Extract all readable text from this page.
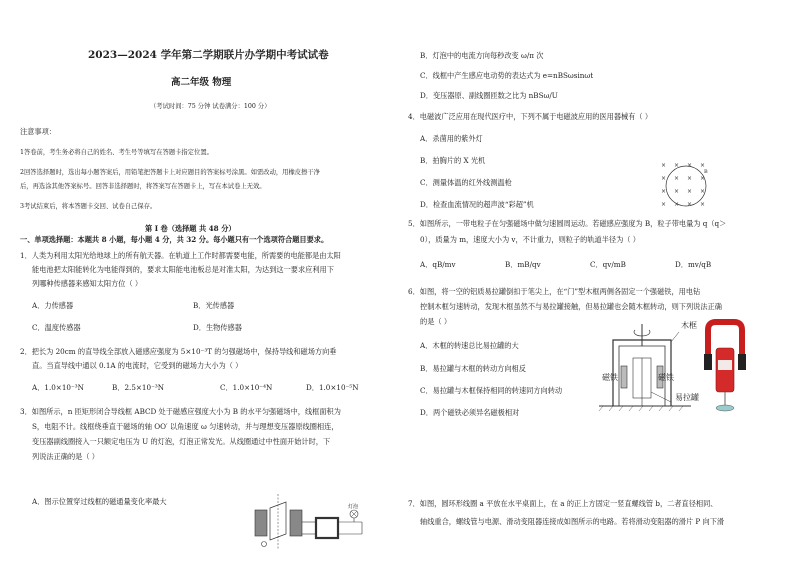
2023—2024 学年第二学期联片办学期中考试试卷
高二年级 物理
（考试时间：75 分钟 试卷满分：100 分）
注意事项：
1答卷前，考生务必将自己的姓名、考生号等填写在答题卡指定位置。
2回答选择题时，选出每小题答案后，用铅笔把答题卡上对应题目的答案标号涂黑。如需改动，用橡皮擦干净
后，再选涂其他答案标号。回答非选择题时，将答案写在答题卡上，写在本试卷上无效。
3考试结束后，将本答题卡交回、试卷自己保存。
第 I 卷（选择题 共 48 分）
一、单项选择题：本题共 8 小题，每小题 4 分，共 32 分。每小题只有一个选项符合题目要求。
1．人类为利用太阳光给地球上的所有航天器。在轨道上工作时都需要电能，所需要的电能都是由太阳
能电池把太阳能转化为电能得到的，要求太阳能电池板总是对准太阳，为达到这一要求应利用下
列哪种传感器来感知太阳方位（ ）
A．力传感器	B．光传感器
C．温度传感器	D．生物传感器
2．把长为 20cm 的直导线全部放入磁感应强度为 5×10⁻³T 的匀强磁场中，保持导线和磁场方向垂
直。当直导线中通以 0.1A 的电流时，它受到的磁场力大小为（ ）
A．1.0×10⁻³N	B．2.5×10⁻³N	C．1.0×10⁻⁴N	D．1.0×10⁻⁵N
3．如图所示，n 匝矩形闭合导线框 ABCD 处于磁感应强度大小为 B 的水平匀强磁场中，线框面积为
S，电阻不计。线框绕垂直于磁场的轴 OO′ 以角速度 ω 匀速转动，并与理想变压器原线圈相连，
变压器副线圈接入一只额定电压为 U 的灯泡，灯泡正常发光。从线圈通过中性面开始计时，下
列说法正确的是（ ）
A．图示位置穿过线框的磁通量变化率最大
灯泡
B．灯泡中的电流方向每秒改变 ω/π 次
C．线框中产生感应电动势的表达式为 e=nBSωsinωt
D．变压器原、副线圈匝数之比为 nBSω/U
4．电磁波广泛应用在现代医疗中，下列不属于电磁波应用的医用器械有（ ）
A．杀菌用的紫外灯
B．拍胸片的 X 光机
C．测量体温的红外线测温枪
D．检查血流情况的超声波“彩超”机
× × × ×
× × × ×
× × × ×
× × × ×
B
5．如图所示，一带电粒子在匀强磁场中做匀速圆周运动。若磁感应强度为 B，粒子带电量为 q（q＞
0），质量为 m，速度大小为 v，不计重力，则粒子的轨道半径为（ ）
A．qB/mv	B．mB/qv	C．qv/mB	D．mv/qB
6．如图，将一空的铝质易拉罐倒扣于笔尖上，在“门”型木框两侧各固定一个强磁铁，用电钻
控制木框匀速转动，发现木框虽然不与易拉罐接触，但易拉罐也会随木框转动，则下列说法正确
的是（ ）
A．木框的转速总比易拉罐的大
B．易拉罐与木框的转动方向相反
C．易拉罐与木框保持相同的转速同方向转动
D．两个磁铁必须异名磁极相对
木框
磁铁	磁铁
易拉罐
7．如图，圆环形线圈 a 平放在水平桌面上，在 a 的正上方固定一竖直螺线管 b，二者直径相同、
轴线重合，螺线管与电源、滑动变阻器连接成如图所示的电路。若将滑动变阻器的滑片 P 向下滑
